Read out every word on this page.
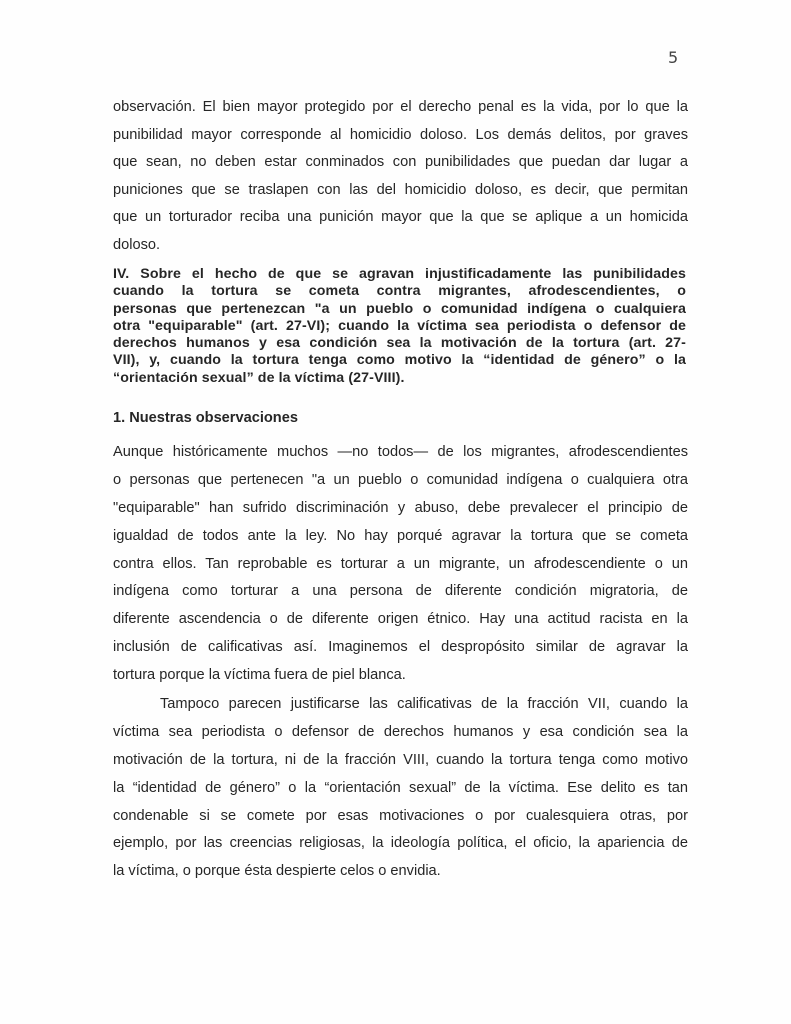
5
observación. El bien mayor protegido por el derecho penal es la vida, por lo que la
punibilidad mayor corresponde al homicidio doloso. Los demás delitos, por graves
que sean, no deben estar conminados con punibilidades que puedan dar lugar a
puniciones que se traslapen con las del homicidio doloso, es decir, que permitan
que un torturador reciba una punición mayor que la que se aplique a un homicida
doloso.
IV. Sobre el hecho de que se agravan injustificadamente las punibilidades
cuando la tortura se cometa contra migrantes, afrodescendientes, o
personas que pertenezcan "a un pueblo o comunidad indígena o cualquiera
otra "equiparable" (art. 27-VI); cuando la víctima sea periodista o defensor de
derechos humanos y esa condición sea la motivación de la tortura (art. 27-
VII), y, cuando la tortura tenga como motivo la “identidad de género” o la
“orientación sexual” de la víctima (27-VIII).
1. Nuestras observaciones
Aunque históricamente muchos —no todos— de los migrantes, afrodescendientes
o personas que pertenecen "a un pueblo o comunidad indígena o cualquiera otra
"equiparable" han sufrido discriminación y abuso, debe prevalecer el principio de
igualdad de todos ante la ley. No hay porqué agravar la tortura que se cometa
contra ellos. Tan reprobable es torturar a un migrante, un afrodescendiente o un
indígena como torturar a una persona de diferente condición migratoria, de
diferente ascendencia o de diferente origen étnico. Hay una actitud racista en la
inclusión de calificativas así. Imaginemos el despropósito similar de agravar la
tortura porque la víctima fuera de piel blanca.
Tampoco parecen justificarse las calificativas de la fracción VII, cuando la
víctima sea periodista o defensor de derechos humanos y esa condición sea la
motivación de la tortura, ni de la fracción VIII, cuando la tortura tenga como motivo
la “identidad de género” o la “orientación sexual” de la víctima. Ese delito es tan
condenable si se comete por esas motivaciones o por cualesquiera otras, por
ejemplo, por las creencias religiosas, la ideología política, el oficio, la apariencia de
la víctima, o porque ésta despierte celos o envidia.
